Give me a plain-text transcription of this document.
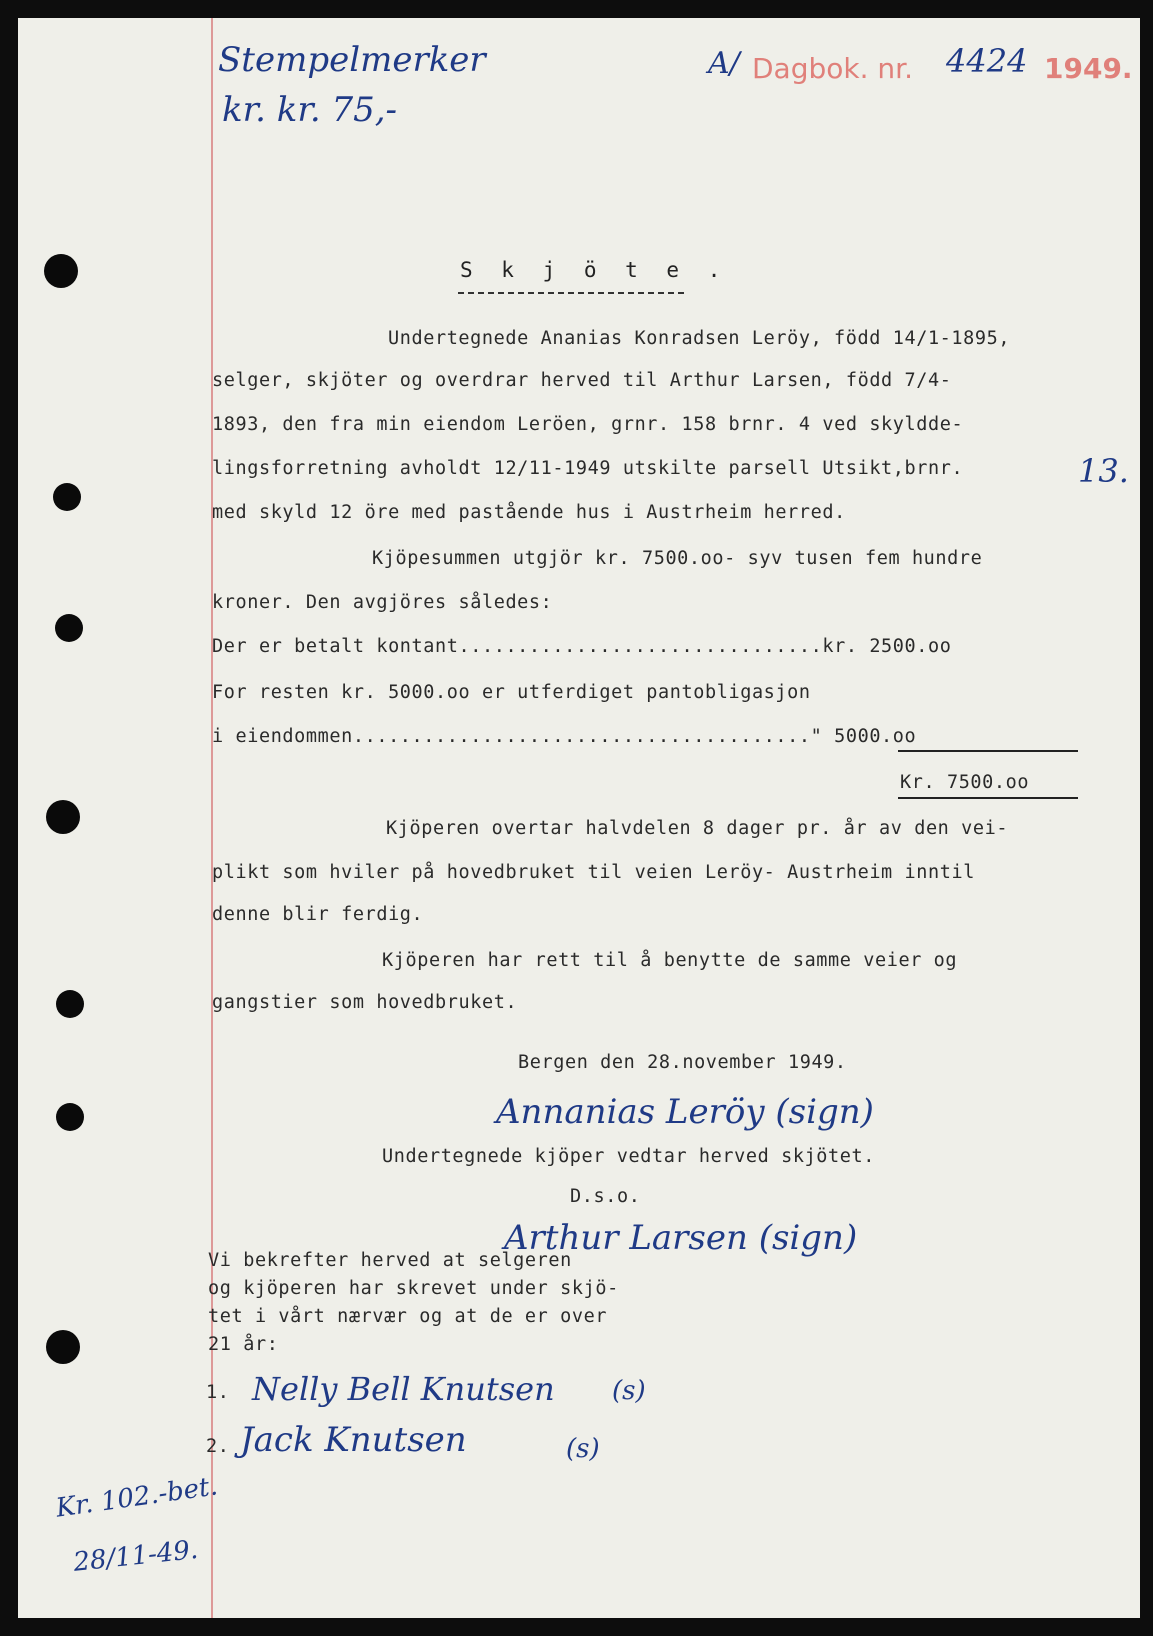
Stempelmerker
kr. kr. 75,-
A/ Dagbok. nr. 4424 1949.
S k j ö t e .
Undertegnede Ananias Konradsen Leröy, född 14/1-1895,
selger, skjöter og overdrar herved til Arthur Larsen, född 7/4-
1893, den fra min eiendom Leröen, grnr. 158 brnr. 4 ved skyldde-
lingsforretning avholdt 12/11-1949 utskilte parsell Utsikt,brnr.	13.
med skyld 12 öre med pastående hus i Austrheim herred.
Kjöpesummen utgjör kr. 7500.oo- syv tusen fem hundre
kroner. Den avgjöres således:
Der er betalt kontant...............................kr. 2500.oo
For resten kr. 5000.oo er utferdiget pantobligasjon
i eiendommen......................................." 5000.oo
Kr. 7500.oo
Kjöperen overtar halvdelen 8 dager pr. år av den vei-
plikt som hviler på hovedbruket til veien Leröy- Austrheim inntil
denne blir ferdig.
Kjöperen har rett til å benytte de samme veier og
gangstier som hovedbruket.
Bergen den 28.november 1949.
Annanias Leröy (sign)
Undertegnede kjöper vedtar herved skjötet.
D.s.o.
Arthur Larsen (sign)
Vi bekrefter herved at selgeren
og kjöperen har skrevet under skjö-
tet i vårt nærvær og at de er over
21 år:
1. Nelly Bell Knutsen (s)
2. Jack Knutsen	(s)
Kr. 102.-bet.
28/11-49.
